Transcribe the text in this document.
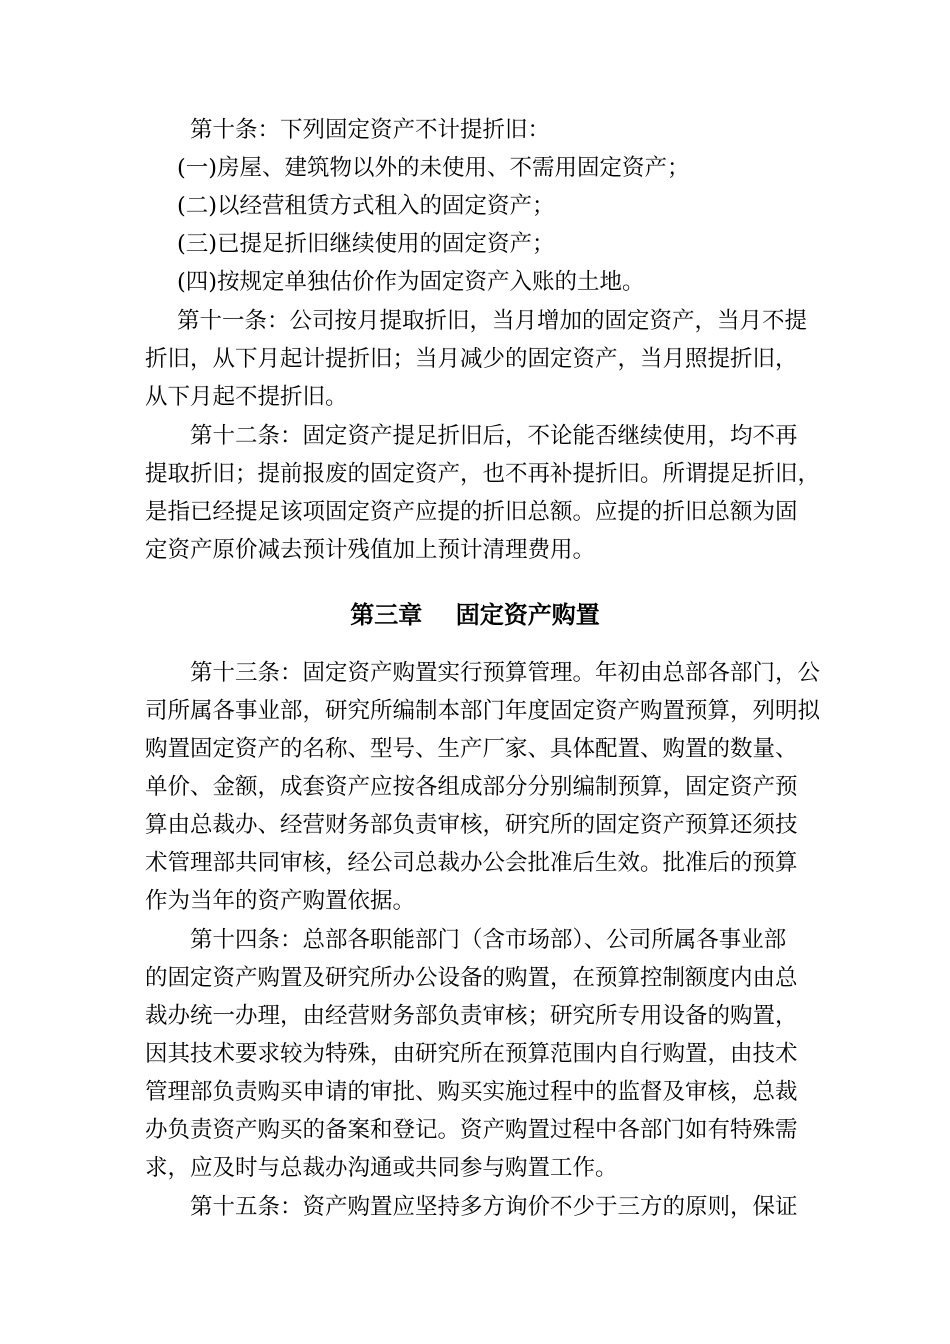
第十条：下列固定资产不计提折旧：
(一)房屋、建筑物以外的未使用、不需用固定资产；
(二)以经营租赁方式租入的固定资产；
(三)已提足折旧继续使用的固定资产；
(四)按规定单独估价作为固定资产入账的土地。
第十一条：公司按月提取折旧，当月增加的固定资产，当月不提
折旧，从下月起计提折旧；当月减少的固定资产，当月照提折旧，
从下月起不提折旧。
第十二条：固定资产提足折旧后，不论能否继续使用，均不再
提取折旧；提前报废的固定资产，也不再补提折旧。所谓提足折旧，
是指已经提足该项固定资产应提的折旧总额。应提的折旧总额为固
定资产原价减去预计残值加上预计清理费用。
第三章    固定资产购置
第十三条：固定资产购置实行预算管理。年初由总部各部门，公
司所属各事业部，研究所编制本部门年度固定资产购置预算，列明拟
购置固定资产的名称、型号、生产厂家、具体配置、购置的数量、
单价、金额，成套资产应按各组成部分分别编制预算，固定资产预
算由总裁办、经营财务部负责审核，研究所的固定资产预算还须技
术管理部共同审核，经公司总裁办公会批准后生效。批准后的预算
作为当年的资产购置依据。
第十四条：总部各职能部门（含市场部）、公司所属各事业部
的固定资产购置及研究所办公设备的购置，在预算控制额度内由总
裁办统一办理，由经营财务部负责审核；研究所专用设备的购置，
因其技术要求较为特殊，由研究所在预算范围内自行购置，由技术
管理部负责购买申请的审批、购买实施过程中的监督及审核，总裁
办负责资产购买的备案和登记。资产购置过程中各部门如有特殊需
求，应及时与总裁办沟通或共同参与购置工作。
第十五条：资产购置应坚持多方询价不少于三方的原则，保证
